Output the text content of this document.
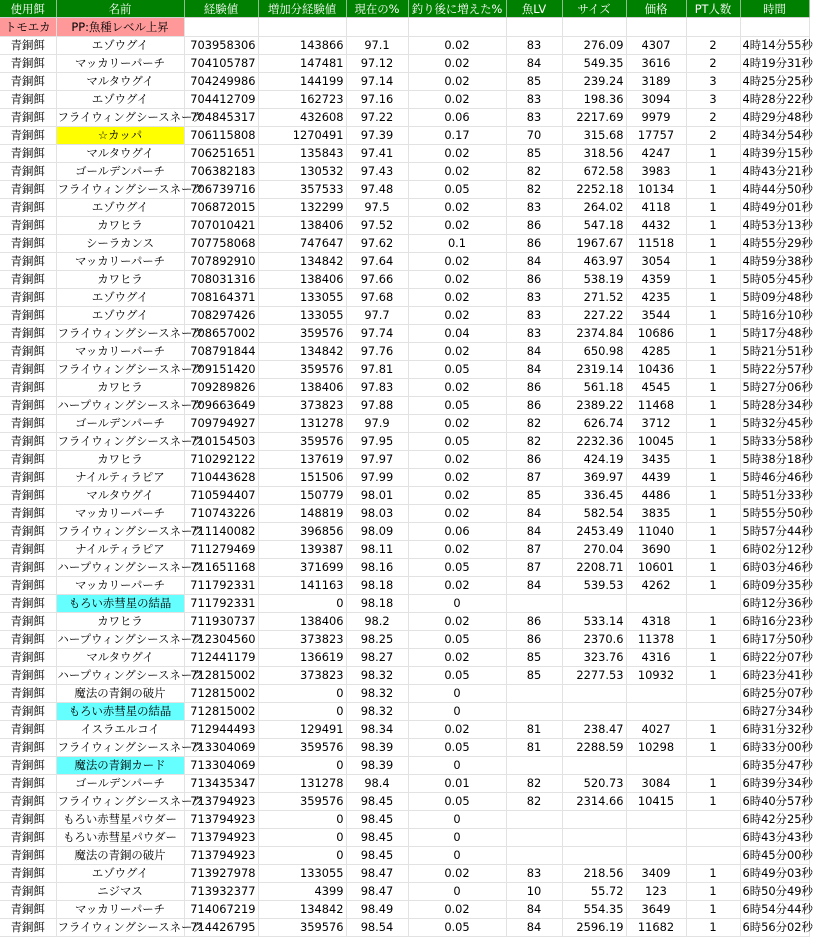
使用餌	名前	経験値	増加分経験値	現在の%	釣り後に増えた%	魚LV	サイズ	価格	PT人数	時間
トモエカ	PP:魚種レベル上昇									
青銅餌	エゾウグイ	703958306	143866	97.1	0.02	83	276.09	4307	2	4時14分55秒
青銅餌	マッカリーパーチ	704105787	147481	97.12	0.02	84	549.35	3616	2	4時19分31秒
青銅餌	マルタウグイ	704249986	144199	97.14	0.02	85	239.24	3189	3	4時25分25秒
青銅餌	エゾウグイ	704412709	162723	97.16	0.02	83	198.36	3094	3	4時28分22秒
青銅餌	フライウィングシースネーク	704845317	432608	97.22	0.06	83	2217.69	9979	2	4時29分48秒
青銅餌	☆カッパ	706115808	1270491	97.39	0.17	70	315.68	17757	2	4時34分54秒
青銅餌	マルタウグイ	706251651	135843	97.41	0.02	85	318.56	4247	1	4時39分15秒
青銅餌	ゴールデンパーチ	706382183	130532	97.43	0.02	82	672.58	3983	1	4時43分21秒
青銅餌	フライウィングシースネーク	706739716	357533	97.48	0.05	82	2252.18	10134	1	4時44分50秒
青銅餌	エゾウグイ	706872015	132299	97.5	0.02	83	264.02	4118	1	4時49分01秒
青銅餌	カワヒラ	707010421	138406	97.52	0.02	86	547.18	4432	1	4時53分13秒
青銅餌	シーラカンス	707758068	747647	97.62	0.1	86	1967.67	11518	1	4時55分29秒
青銅餌	マッカリーパーチ	707892910	134842	97.64	0.02	84	463.97	3054	1	4時59分38秒
青銅餌	カワヒラ	708031316	138406	97.66	0.02	86	538.19	4359	1	5時05分45秒
青銅餌	エゾウグイ	708164371	133055	97.68	0.02	83	271.52	4235	1	5時09分48秒
青銅餌	エゾウグイ	708297426	133055	97.7	0.02	83	227.22	3544	1	5時16分10秒
青銅餌	フライウィングシースネーク	708657002	359576	97.74	0.04	83	2374.84	10686	1	5時17分48秒
青銅餌	マッカリーパーチ	708791844	134842	97.76	0.02	84	650.98	4285	1	5時21分51秒
青銅餌	フライウィングシースネーク	709151420	359576	97.81	0.05	84	2319.14	10436	1	5時22分57秒
青銅餌	カワヒラ	709289826	138406	97.83	0.02	86	561.18	4545	1	5時27分06秒
青銅餌	ハープウィングシースネーク	709663649	373823	97.88	0.05	86	2389.22	11468	1	5時28分34秒
青銅餌	ゴールデンパーチ	709794927	131278	97.9	0.02	82	626.74	3712	1	5時32分45秒
青銅餌	フライウィングシースネーク	710154503	359576	97.95	0.05	82	2232.36	10045	1	5時33分58秒
青銅餌	カワヒラ	710292122	137619	97.97	0.02	86	424.19	3435	1	5時38分18秒
青銅餌	ナイルティラピア	710443628	151506	97.99	0.02	87	369.97	4439	1	5時46分46秒
青銅餌	マルタウグイ	710594407	150779	98.01	0.02	85	336.45	4486	1	5時51分33秒
青銅餌	マッカリーパーチ	710743226	148819	98.03	0.02	84	582.54	3835	1	5時55分50秒
青銅餌	フライウィングシースネーク	711140082	396856	98.09	0.06	84	2453.49	11040	1	5時57分44秒
青銅餌	ナイルティラピア	711279469	139387	98.11	0.02	87	270.04	3690	1	6時02分12秒
青銅餌	ハープウィングシースネーク	711651168	371699	98.16	0.05	87	2208.71	10601	1	6時03分46秒
青銅餌	マッカリーパーチ	711792331	141163	98.18	0.02	84	539.53	4262	1	6時09分35秒
青銅餌	もろい赤彗星の結晶	711792331	0	98.18	0					6時12分36秒
青銅餌	カワヒラ	711930737	138406	98.2	0.02	86	533.14	4318	1	6時16分23秒
青銅餌	ハープウィングシースネーク	712304560	373823	98.25	0.05	86	2370.6	11378	1	6時17分50秒
青銅餌	マルタウグイ	712441179	136619	98.27	0.02	85	323.76	4316	1	6時22分07秒
青銅餌	ハープウィングシースネーク	712815002	373823	98.32	0.05	85	2277.53	10932	1	6時23分41秒
青銅餌	魔法の青銅の破片	712815002	0	98.32	0					6時25分07秒
青銅餌	もろい赤彗星の結晶	712815002	0	98.32	0					6時27分34秒
青銅餌	イスラエルコイ	712944493	129491	98.34	0.02	81	238.47	4027	1	6時31分32秒
青銅餌	フライウィングシースネーク	713304069	359576	98.39	0.05	81	2288.59	10298	1	6時33分00秒
青銅餌	魔法の青銅カード	713304069	0	98.39	0					6時35分47秒
青銅餌	ゴールデンパーチ	713435347	131278	98.4	0.01	82	520.73	3084	1	6時39分34秒
青銅餌	フライウィングシースネーク	713794923	359576	98.45	0.05	82	2314.66	10415	1	6時40分57秒
青銅餌	もろい赤彗星パウダー	713794923	0	98.45	0					6時42分25秒
青銅餌	もろい赤彗星パウダー	713794923	0	98.45	0					6時43分43秒
青銅餌	魔法の青銅の破片	713794923	0	98.45	0					6時45分00秒
青銅餌	エゾウグイ	713927978	133055	98.47	0.02	83	218.56	3409	1	6時49分03秒
青銅餌	ニジマス	713932377	4399	98.47	0	10	55.72	123	1	6時50分49秒
青銅餌	マッカリーパーチ	714067219	134842	98.49	0.02	84	554.35	3649	1	6時54分44秒
青銅餌	フライウィングシースネーク	714426795	359576	98.54	0.05	84	2596.19	11682	1	6時56分02秒
